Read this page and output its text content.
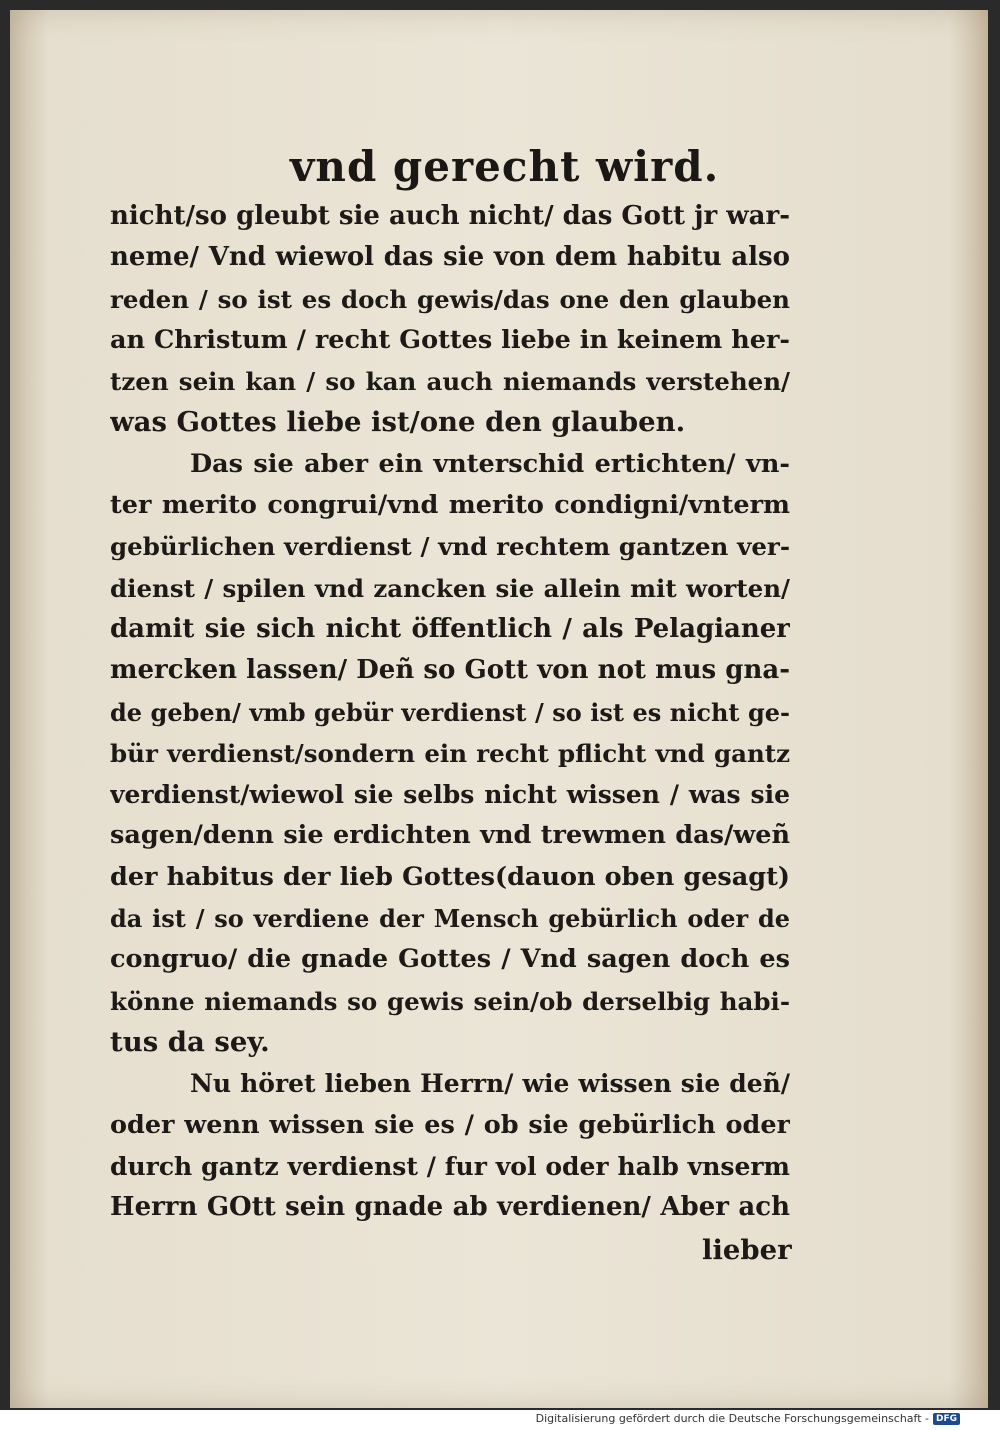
vnd gerecht wird.
nicht/so gleubt sie auch nicht/ das Gott jr war-
neme/ Vnd wiewol das sie von dem habitu also
reden / so ist es doch gewis/das one den glauben
an Christum / recht Gottes liebe in keinem her-
tzen sein kan / so kan auch niemands verstehen/
was Gottes liebe ist/one den glauben.
Das sie aber ein vnterschid ertichten/ vn-
ter merito congrui/vnd merito condigni/vnterm
gebürlichen verdienst / vnd rechtem gantzen ver-
dienst / spilen vnd zancken sie allein mit worten/
damit sie sich nicht öffentlich / als Pelagianer
mercken lassen/ Deñ so Gott von not mus gna-
de geben/ vmb gebür verdienst / so ist es nicht ge-
bür verdienst/sondern ein recht pflicht vnd gantz
verdienst/wiewol sie selbs nicht wissen / was sie
sagen/denn sie erdichten vnd trewmen das/weñ
der habitus der lieb Gottes(dauon oben gesagt)
da ist / so verdiene der Mensch gebürlich oder de
congruo/ die gnade Gottes / Vnd sagen doch es
könne niemands so gewis sein/ob derselbig habi-
tus da sey.
Nu höret lieben Herrn/ wie wissen sie deñ/
oder wenn wissen sie es / ob sie gebürlich oder
durch gantz verdienst / fur vol oder halb vnserm
Herrn GOtt sein gnade ab verdienen/ Aber ach
lieber
Digitalisierung gefördert durch die Deutsche Forschungsgemeinschaft - DFG
